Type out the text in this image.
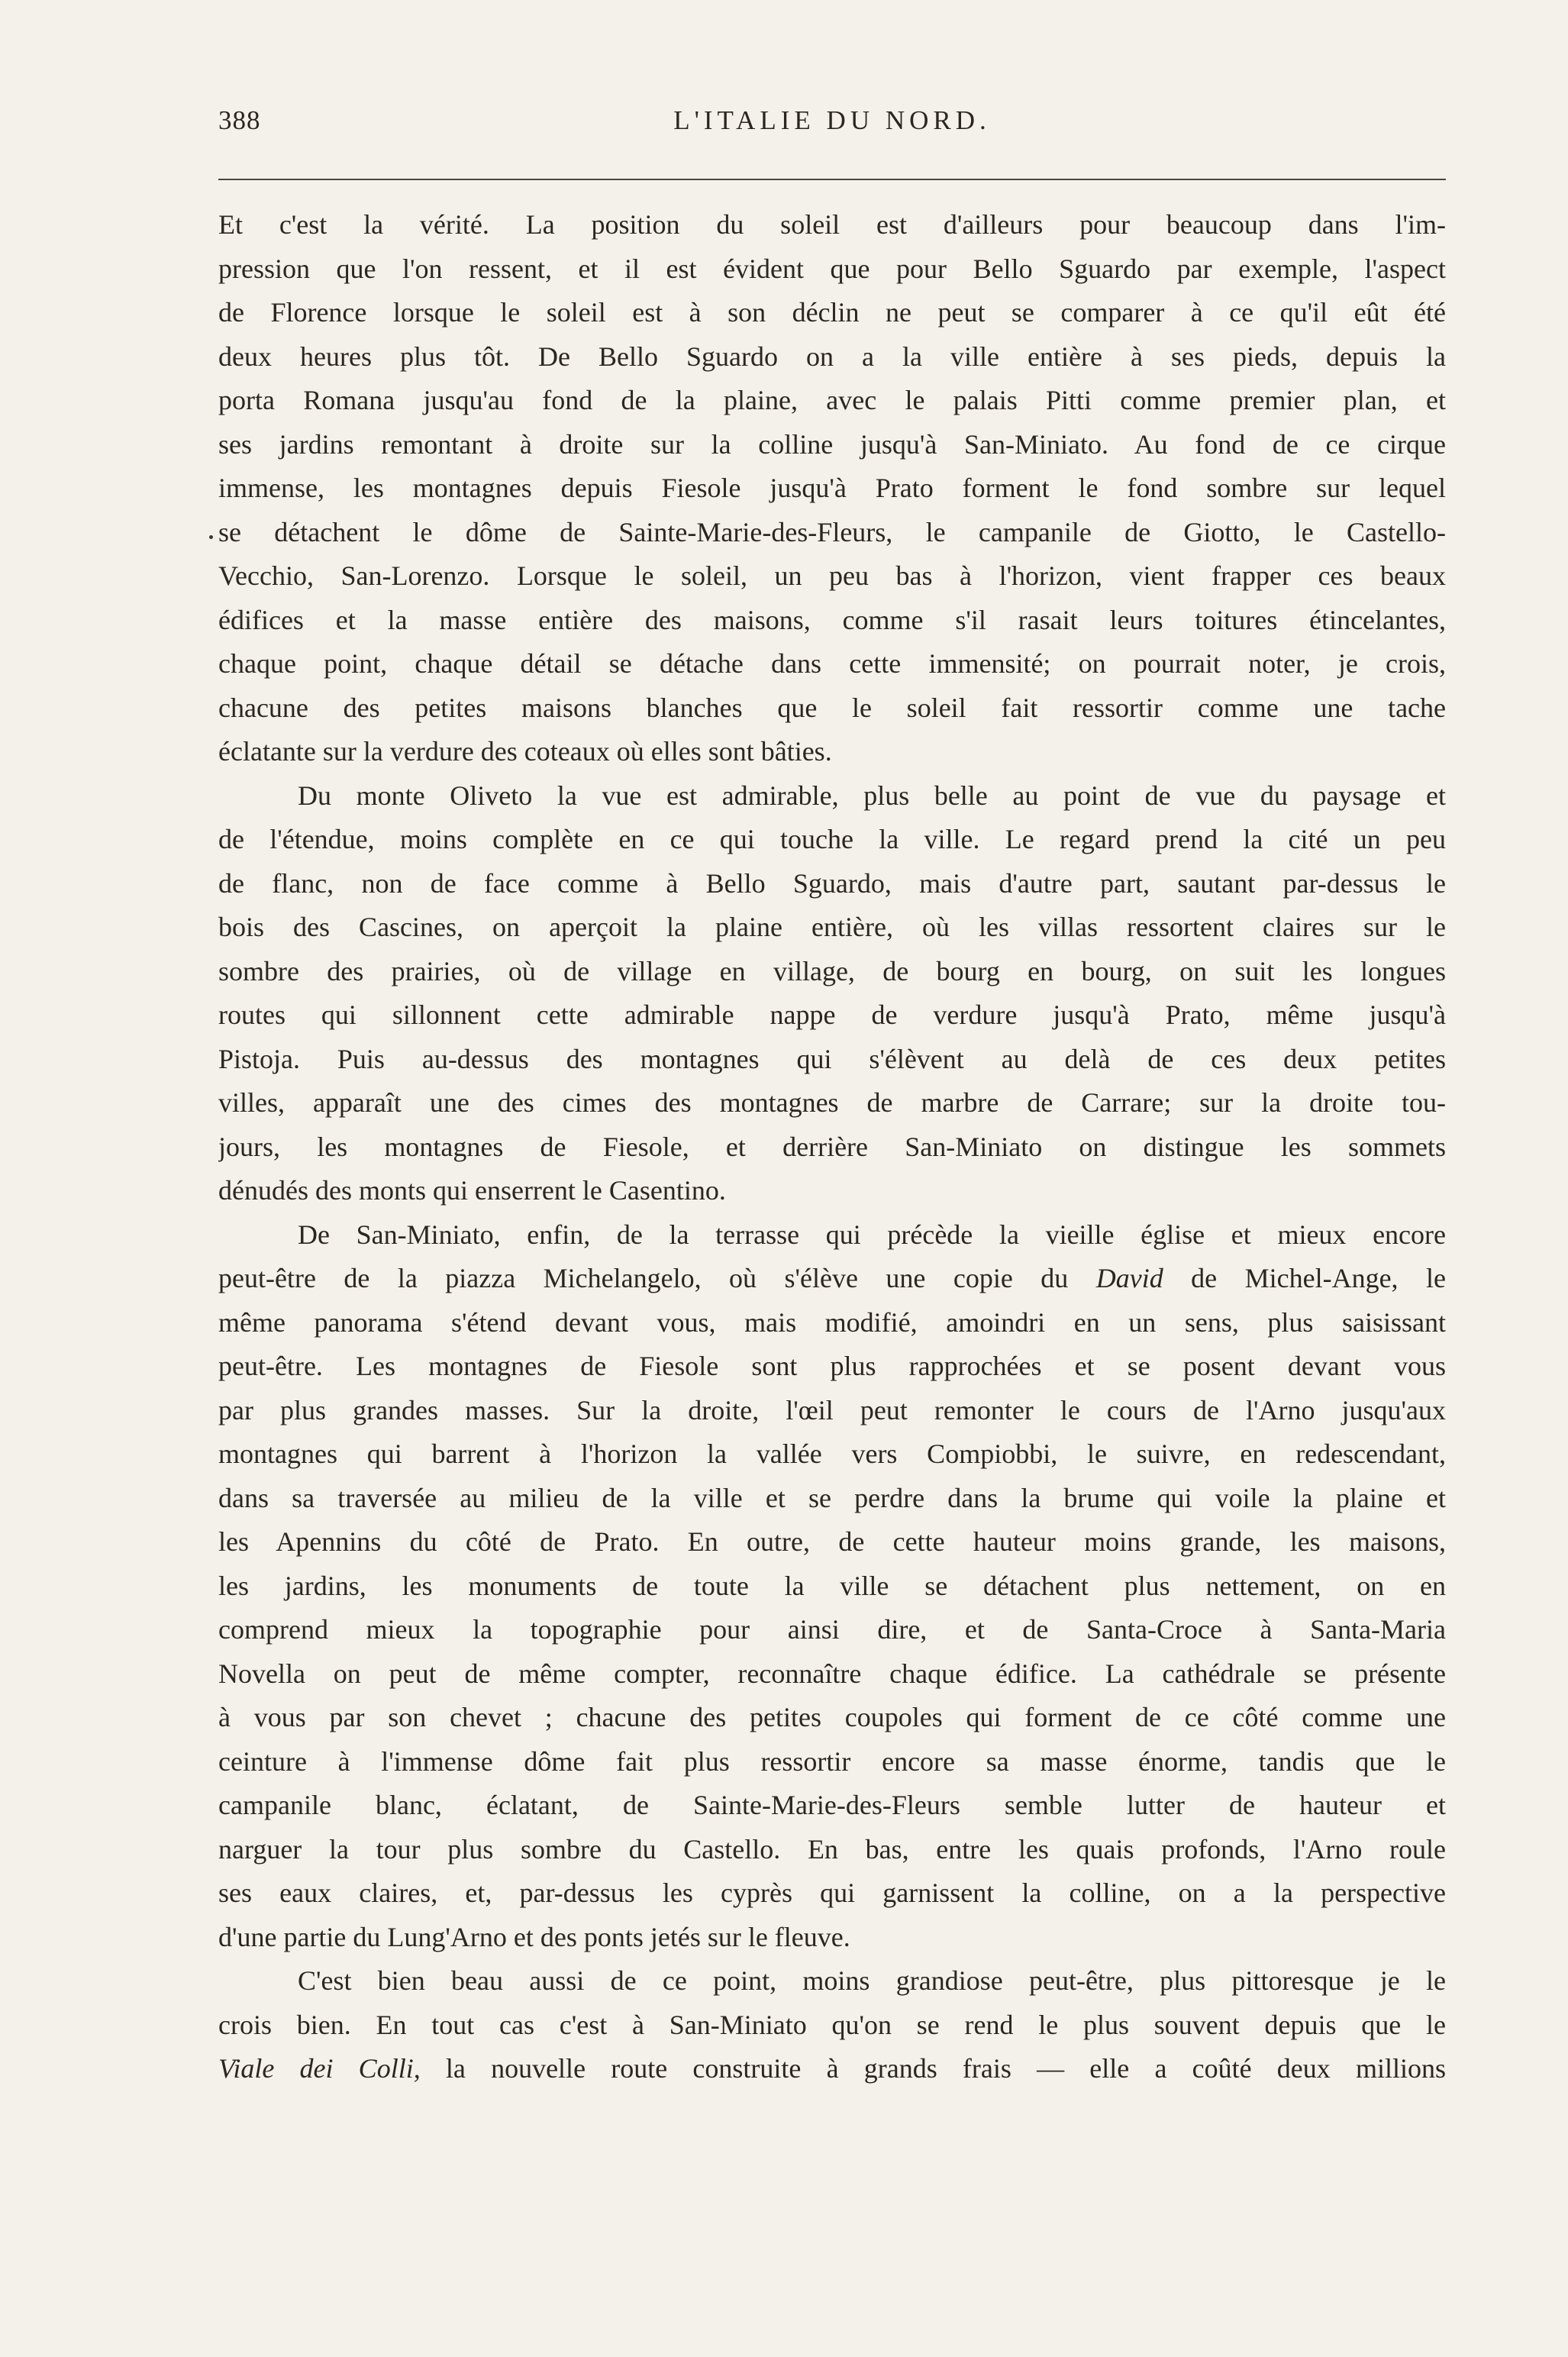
388	L'ITALIE DU NORD.
Et c'est la vérité. La position du soleil est d'ailleurs pour beaucoup dans l'im-
pression que l'on ressent, et il est évident que pour Bello Sguardo par exemple, l'aspect
de Florence lorsque le soleil est à son déclin ne peut se comparer à ce qu'il eût été
deux heures plus tôt. De Bello Sguardo on a la ville entière à ses pieds, depuis la
porta Romana jusqu'au fond de la plaine, avec le palais Pitti comme premier plan, et
ses jardins remontant à droite sur la colline jusqu'à San-Miniato. Au fond de ce cirque
immense, les montagnes depuis Fiesole jusqu'à Prato forment le fond sombre sur lequel
se détachent le dôme de Sainte-Marie-des-Fleurs, le campanile de Giotto, le Castello-
Vecchio, San-Lorenzo. Lorsque le soleil, un peu bas à l'horizon, vient frapper ces beaux
édifices et la masse entière des maisons, comme s'il rasait leurs toitures étincelantes,
chaque point, chaque détail se détache dans cette immensité; on pourrait noter, je crois,
chacune des petites maisons blanches que le soleil fait ressortir comme une tache
éclatante sur la verdure des coteaux où elles sont bâties.
Du monte Oliveto la vue est admirable, plus belle au point de vue du paysage et
de l'étendue, moins complète en ce qui touche la ville. Le regard prend la cité un peu
de flanc, non de face comme à Bello Sguardo, mais d'autre part, sautant par-dessus le
bois des Cascines, on aperçoit la plaine entière, où les villas ressortent claires sur le
sombre des prairies, où de village en village, de bourg en bourg, on suit les longues
routes qui sillonnent cette admirable nappe de verdure jusqu'à Prato, même jusqu'à
Pistoja. Puis au-dessus des montagnes qui s'élèvent au delà de ces deux petites
villes, apparaît une des cimes des montagnes de marbre de Carrare; sur la droite tou-
jours, les montagnes de Fiesole, et derrière San-Miniato on distingue les sommets
dénudés des monts qui enserrent le Casentino.
De San-Miniato, enfin, de la terrasse qui précède la vieille église et mieux encore
peut-être de la piazza Michelangelo, où s'élève une copie du David de Michel-Ange, le
même panorama s'étend devant vous, mais modifié, amoindri en un sens, plus saisissant
peut-être. Les montagnes de Fiesole sont plus rapprochées et se posent devant vous
par plus grandes masses. Sur la droite, l'œil peut remonter le cours de l'Arno jusqu'aux
montagnes qui barrent à l'horizon la vallée vers Compiobbi, le suivre, en redescendant,
dans sa traversée au milieu de la ville et se perdre dans la brume qui voile la plaine et
les Apennins du côté de Prato. En outre, de cette hauteur moins grande, les maisons,
les jardins, les monuments de toute la ville se détachent plus nettement, on en
comprend mieux la topographie pour ainsi dire, et de Santa-Croce à Santa-Maria
Novella on peut de même compter, reconnaître chaque édifice. La cathédrale se présente
à vous par son chevet ; chacune des petites coupoles qui forment de ce côté comme une
ceinture à l'immense dôme fait plus ressortir encore sa masse énorme, tandis que le
campanile blanc, éclatant, de Sainte-Marie-des-Fleurs semble lutter de hauteur et
narguer la tour plus sombre du Castello. En bas, entre les quais profonds, l'Arno roule
ses eaux claires, et, par-dessus les cyprès qui garnissent la colline, on a la perspective
d'une partie du Lung'Arno et des ponts jetés sur le fleuve.
C'est bien beau aussi de ce point, moins grandiose peut-être, plus pittoresque je le
crois bien. En tout cas c'est à San-Miniato qu'on se rend le plus souvent depuis que le
Viale dei Colli, la nouvelle route construite à grands frais — elle a coûté deux millions
